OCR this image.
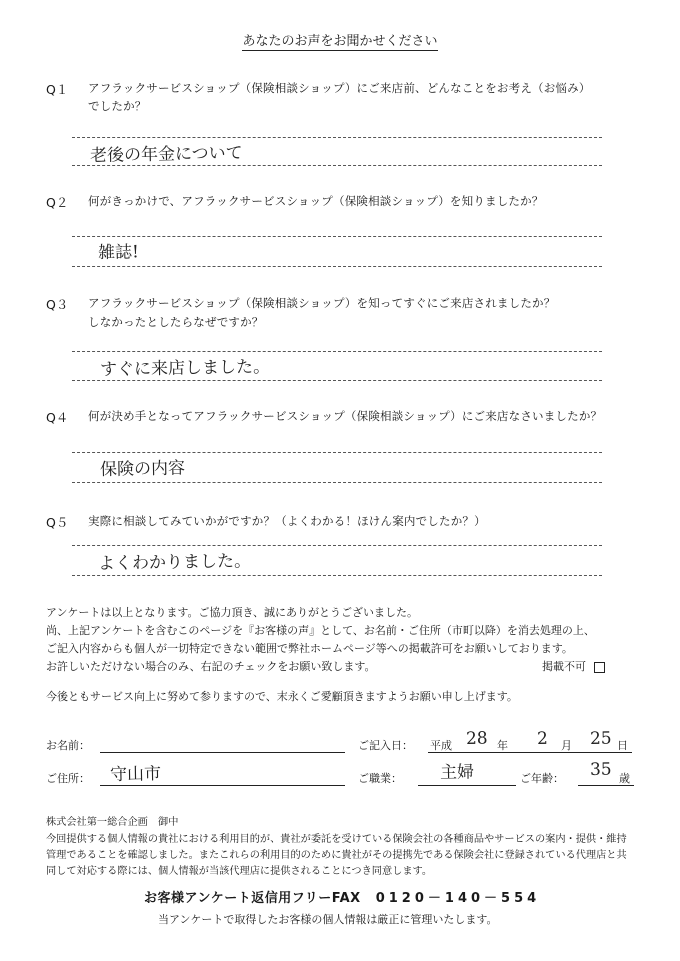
あなたのお声をお聞かせください
Q１ アフラックサービスショップ（保険相談ショップ）にご来店前、どんなことをお考え（お悩み）
でしたか？
老後の年金について
Q２ 何がきっかけで、アフラックサービスショップ（保険相談ショップ）を知りましたか？
雑誌!
Q３ アフラックサービスショップ（保険相談ショップ）を知ってすぐにご来店されましたか？
しなかったとしたらなぜですか？
すぐに来店しました。
Q４ 何が決め手となってアフラックサービスショップ（保険相談ショップ）にご来店なさいましたか？
保険の内容
Q５ 実際に相談してみていかがですか？（よくわかる！ほけん案内でしたか？）
よくわかりました。
アンケートは以上となります。ご協力頂き、誠にありがとうございました。
尚、上記アンケートを含むこのページを『お客様の声』として、お名前・ご住所（市町以降）を消去処理の上、
ご記入内容からも個人が一切特定できない範囲で弊社ホームページ等への掲載許可をお願いしております。
お許しいただけない場合のみ、右記のチェックをお願い致します。	掲載不可
今後ともサービス向上に努めて参りますので、末永くご愛顧頂きますようお願い申し上げます。
お名前：	ご記入日： 平成 28 年 2 月 25 日
ご住所： 守山市	ご職業： 主婦	ご年齢： 35 歳
株式会社第一総合企画　御中
今回提供する個人情報の貴社における利用目的が、貴社が委託を受けている保険会社の各種商品やサービスの案内・提供・維持
管理であることを確認しました。またこれらの利用目的のために貴社がその提携先である保険会社に登録されている代理店と共
同して対応する際には、個人情報が当該代理店に提供されることにつき同意します。
お客様アンケート返信用フリーFAX 0120－140－554
当アンケートで取得したお客様の個人情報は厳正に管理いたします。
